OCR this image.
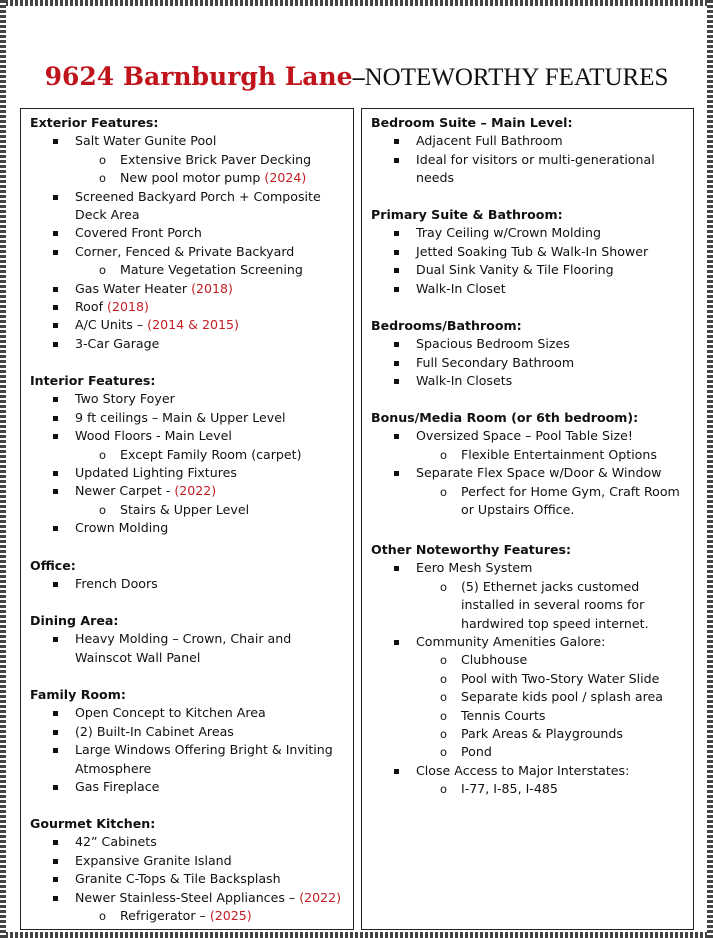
9624 Barnburgh Lane–NOTEWORTHY FEATURES
Exterior Features:
Salt Water Gunite Pool
o Extensive Brick Paver Decking
o New pool motor pump (2024)
Screened Backyard Porch + Composite
Deck Area
Covered Front Porch
Corner, Fenced & Private Backyard
o Mature Vegetation Screening
Gas Water Heater (2018)
Roof (2018)
A/C Units – (2014 & 2015)
3-Car Garage
Interior Features:
Two Story Foyer
9 ft ceilings – Main & Upper Level
Wood Floors - Main Level
o Except Family Room (carpet)
Updated Lighting Fixtures
Newer Carpet - (2022)
o Stairs & Upper Level
Crown Molding
Office:
French Doors
Dining Area:
Heavy Molding – Crown, Chair and
Wainscot Wall Panel
Family Room:
Open Concept to Kitchen Area
(2) Built-In Cabinet Areas
Large Windows Offering Bright & Inviting
Atmosphere
Gas Fireplace
Gourmet Kitchen:
42” Cabinets
Expansive Granite Island
Granite C-Tops & Tile Backsplash
Newer Stainless-Steel Appliances – (2022)
o Refrigerator – (2025)
Bedroom Suite – Main Level:
Adjacent Full Bathroom
Ideal for visitors or multi-generational
needs
Primary Suite & Bathroom:
Tray Ceiling w/Crown Molding
Jetted Soaking Tub & Walk-In Shower
Dual Sink Vanity & Tile Flooring
Walk-In Closet
Bedrooms/Bathroom:
Spacious Bedroom Sizes
Full Secondary Bathroom
Walk-In Closets
Bonus/Media Room (or 6th bedroom):
Oversized Space – Pool Table Size!
o Flexible Entertainment Options
Separate Flex Space w/Door & Window
o Perfect for Home Gym, Craft Room
or Upstairs Office.
Other Noteworthy Features:
Eero Mesh System
o (5) Ethernet jacks customed
installed in several rooms for
hardwired top speed internet.
Community Amenities Galore:
o Clubhouse
o Pool with Two-Story Water Slide
o Separate kids pool / splash area
o Tennis Courts
o Park Areas & Playgrounds
o Pond
Close Access to Major Interstates:
o I-77, I-85, I-485
